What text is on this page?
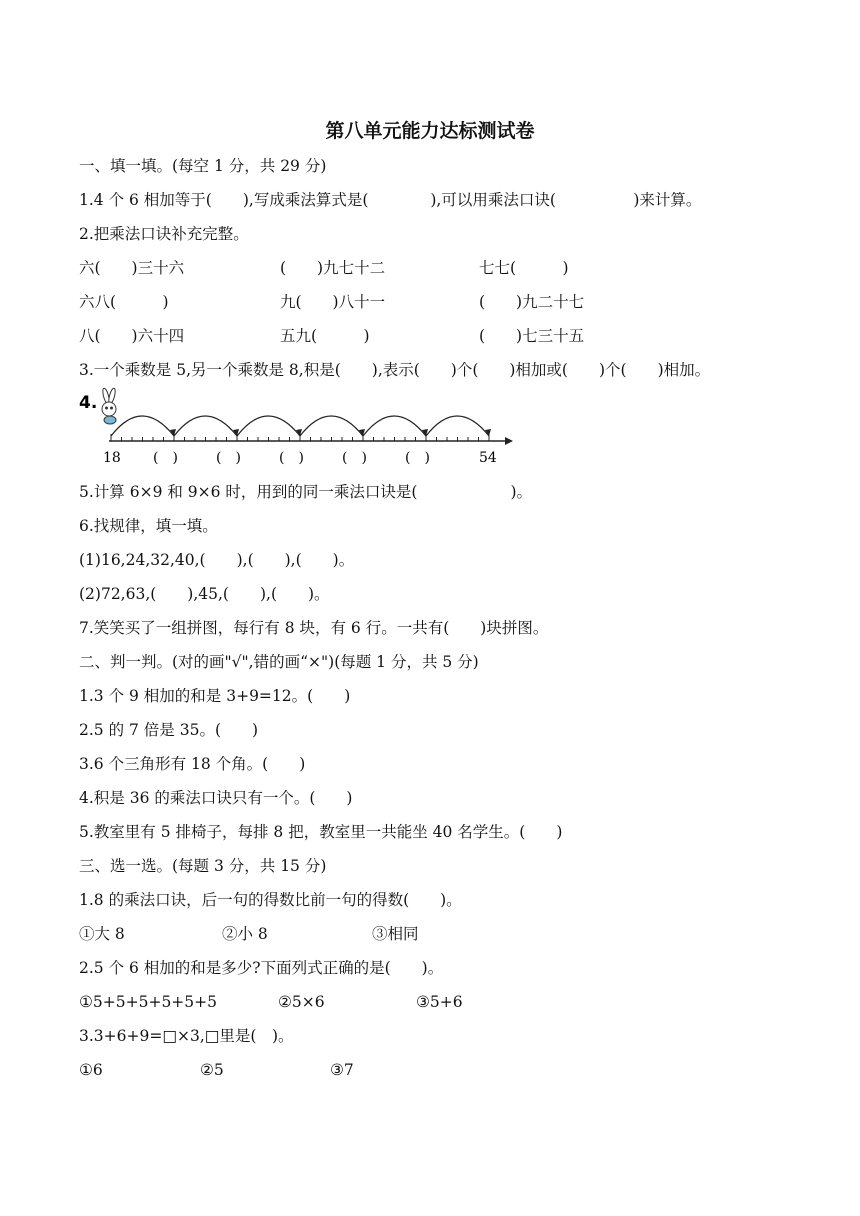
第八单元能力达标测试卷
一、填一填。(每空 1 分，共 29 分)
1.4 个 6 相加等于(　　),写成乘法算式是(　　　　),可以用乘法口诀(　　　　　)来计算。
2.把乘法口诀补充完整。
六(　　)三十六	(　　)九七十二	七七(　　　)
六八(　　　)	九(　　)八十一	(　　)九二十七
八(　　)六十四	五九(　　　)	(　　)七三十五
3.一个乘数是 5,另一个乘数是 8,积是(　　),表示(　　)个(　　)相加或(　　)个(　　)相加。
4.
18	54
(　)	(　)	(　)	(　)	(　)
5.计算 6×9 和 9×6 时，用到的同一乘法口诀是(　　　　　　)。
6.找规律，填一填。
(1)16,24,32,40,(　　),(　　),(　　)。
(2)72,63,(　　),45,(　　),(　　)。
7.笑笑买了一组拼图，每行有 8 块，有 6 行。一共有(　　)块拼图。
二、判一判。(对的画"√",错的画“×")(每题 1 分，共 5 分)
1.3 个 9 相加的和是 3+9=12。(　　)
2.5 的 7 倍是 35。(　　)
3.6 个三角形有 18 个角。(　　)
4.积是 36 的乘法口诀只有一个。(　　)
5.教室里有 5 排椅子，每排 8 把，教室里一共能坐 40 名学生。(　　)
三、选一选。(每题 3 分，共 15 分)
1.8 的乘法口诀，后一句的得数比前一句的得数(　　)。
①大 8	②小 8	③相同
2.5 个 6 相加的和是多少?下面列式正确的是(　　)。
①5+5+5+5+5+5	②5×6	③5+6
3.3+6+9=□×3,□里是(　)。
①6	②5	③7
